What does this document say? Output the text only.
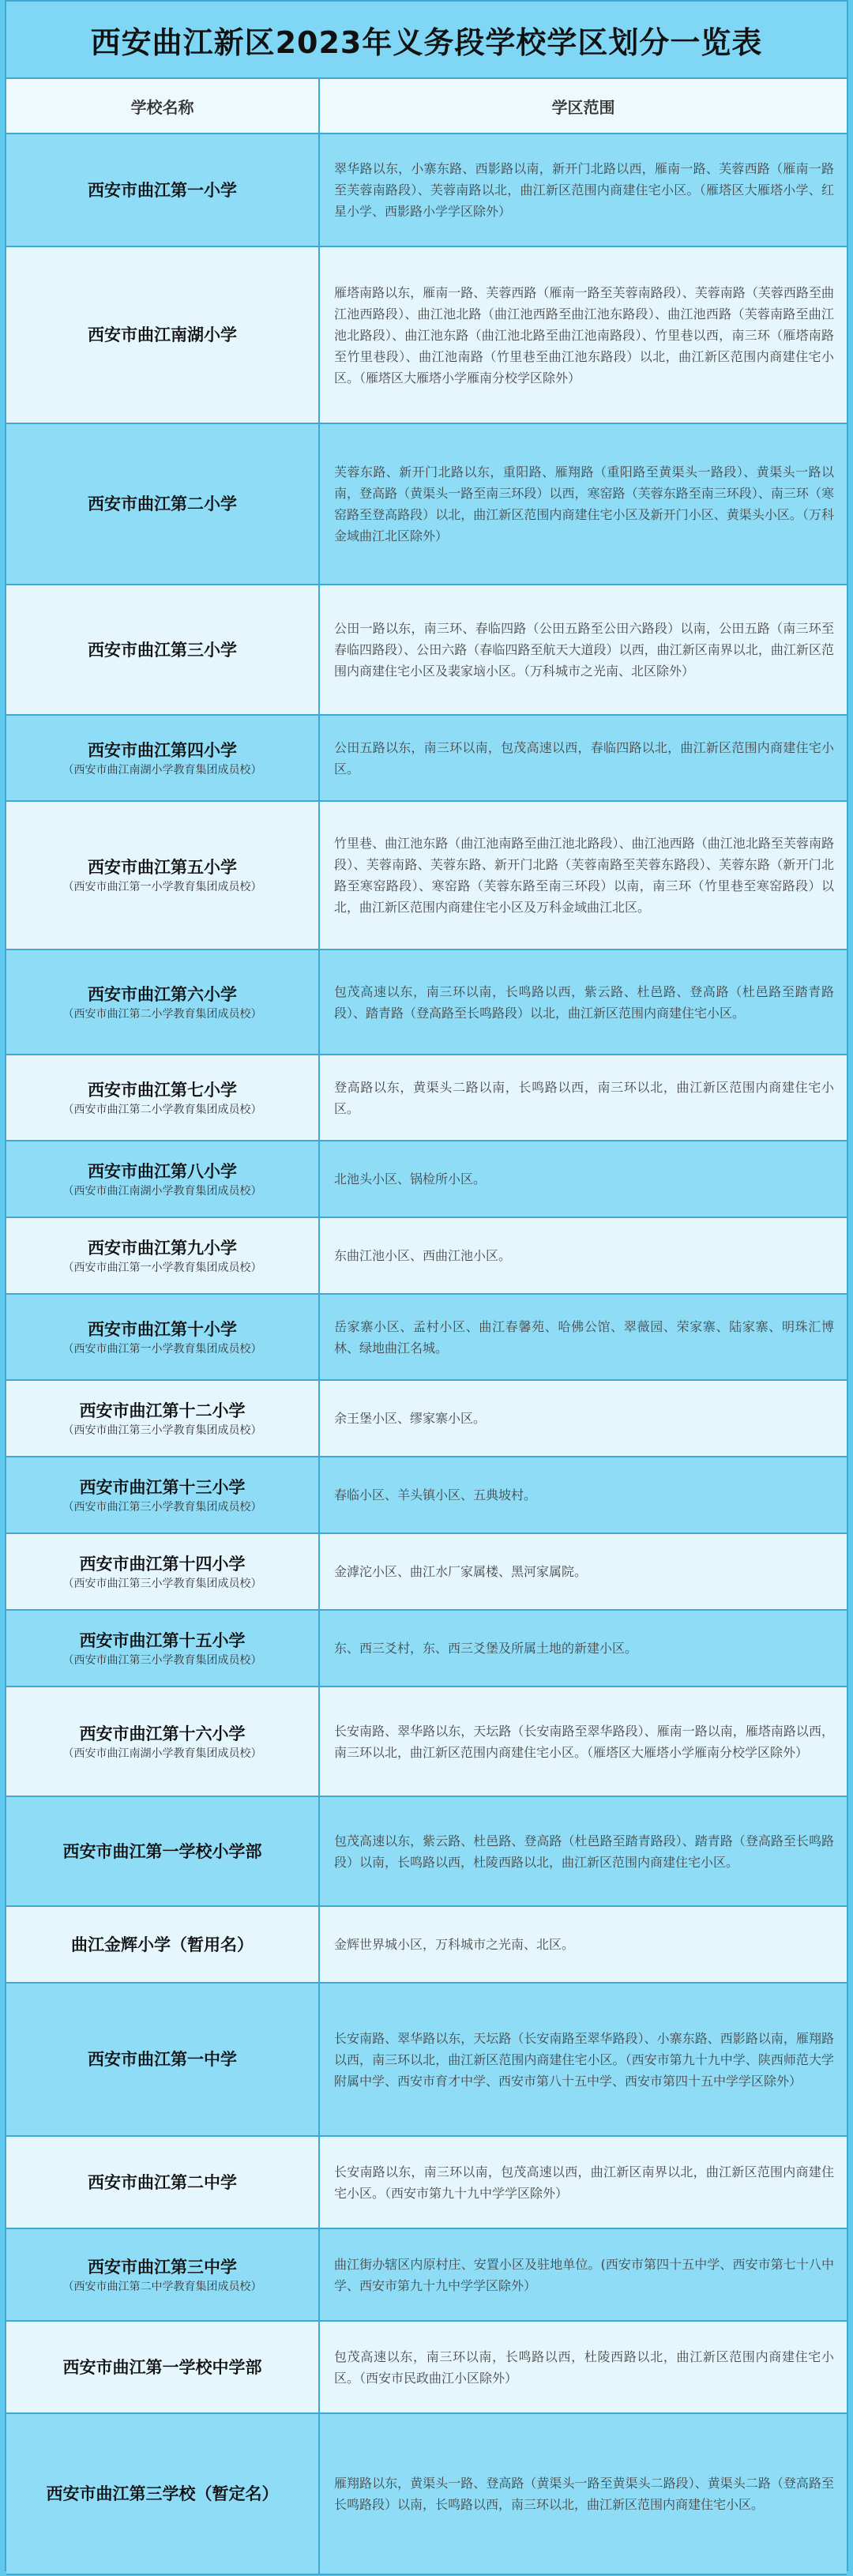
西安曲江新区2023年义务段学校学区划分一览表
学校名称	学区范围

西安市曲江第一小学	翠华路以东，小寨东路、西影路以南，新开门北路以西，雁南一路、芙蓉西路（雁南一路至芙蓉南路段）、芙蓉南路以北，曲江新区范围内商建住宅小区。（雁塔区大雁塔小学、红星小学、西影路小学学区除外）

西安市曲江南湖小学	雁塔南路以东，雁南一路、芙蓉西路（雁南一路至芙蓉南路段）、芙蓉南路（芙蓉西路至曲江池西路段）、曲江池北路（曲江池西路至曲江池东路段）、曲江池西路（芙蓉南路至曲江池北路段）、曲江池东路（曲江池北路至曲江池南路段）、竹里巷以西，南三环（雁塔南路至竹里巷段）、曲江池南路（竹里巷至曲江池东路段）以北，曲江新区范围内商建住宅小区。（雁塔区大雁塔小学雁南分校学区除外）

西安市曲江第二小学	芙蓉东路、新开门北路以东，重阳路、雁翔路（重阳路至黄渠头一路段）、黄渠头一路以南，登高路（黄渠头一路至南三环段）以西，寒窑路（芙蓉东路至南三环段）、南三环（寒窑路至登高路段）以北，曲江新区范围内商建住宅小区及新开门小区、黄渠头小区。（万科金域曲江北区除外）

西安市曲江第三小学	公田一路以东，南三环、春临四路（公田五路至公田六路段）以南，公田五路（南三环至春临四路段）、公田六路（春临四路至航天大道段）以西，曲江新区南界以北，曲江新区范围内商建住宅小区及裴家垴小区。（万科城市之光南、北区除外）

西安市曲江第四小学
（西安市曲江南湖小学教育集团成员校）	公田五路以东，南三环以南，包茂高速以西，春临四路以北，曲江新区范围内商建住宅小区。

西安市曲江第五小学
（西安市曲江第一小学教育集团成员校）	竹里巷、曲江池东路（曲江池南路至曲江池北路段）、曲江池西路（曲江池北路至芙蓉南路段）、芙蓉南路、芙蓉东路、新开门北路（芙蓉南路至芙蓉东路段）、芙蓉东路（新开门北路至寒窑路段）、寒窑路（芙蓉东路至南三环段）以南，南三环（竹里巷至寒窑路段）以北，曲江新区范围内商建住宅小区及万科金域曲江北区。

西安市曲江第六小学
（西安市曲江第二小学教育集团成员校）	包茂高速以东，南三环以南，长鸣路以西，紫云路、杜邑路、登高路（杜邑路至踏青路段）、踏青路（登高路至长鸣路段）以北，曲江新区范围内商建住宅小区。

西安市曲江第七小学
（西安市曲江第二小学教育集团成员校）	登高路以东，黄渠头二路以南，长鸣路以西，南三环以北，曲江新区范围内商建住宅小区。

西安市曲江第八小学
（西安市曲江南湖小学教育集团成员校）	北池头小区、锅检所小区。

西安市曲江第九小学
（西安市曲江第一小学教育集团成员校）	东曲江池小区、西曲江池小区。

西安市曲江第十小学
（西安市曲江第一小学教育集团成员校）	岳家寨小区、孟村小区、曲江春馨苑、哈佛公馆、翠薇园、荣家寨、陆家寨、明珠汇博林、绿地曲江名城。

西安市曲江第十二小学
（西安市曲江第三小学教育集团成员校）	余王堡小区、缪家寨小区。

西安市曲江第十三小学
（西安市曲江第三小学教育集团成员校）	春临小区、羊头镇小区、五典坡村。

西安市曲江第十四小学
（西安市曲江第三小学教育集团成员校）	金滹沱小区、曲江水厂家属楼、黑河家属院。

西安市曲江第十五小学
（西安市曲江第三小学教育集团成员校）	东、西三爻村，东、西三爻堡及所属土地的新建小区。

西安市曲江第十六小学
（西安市曲江南湖小学教育集团成员校）	长安南路、翠华路以东，天坛路（长安南路至翠华路段）、雁南一路以南，雁塔南路以西，南三环以北，曲江新区范围内商建住宅小区。（雁塔区大雁塔小学雁南分校学区除外）

西安市曲江第一学校小学部	包茂高速以东，紫云路、杜邑路、登高路（杜邑路至踏青路段）、踏青路（登高路至长鸣路段）以南，长鸣路以西，杜陵西路以北，曲江新区范围内商建住宅小区。

曲江金辉小学（暂用名）	金辉世界城小区，万科城市之光南、北区。

西安市曲江第一中学	长安南路、翠华路以东，天坛路（长安南路至翠华路段）、小寨东路、西影路以南，雁翔路以西，南三环以北，曲江新区范围内商建住宅小区。（西安市第九十九中学、陕西师范大学附属中学、西安市育才中学、西安市第八十五中学、西安市第四十五中学学区除外）

西安市曲江第二中学	长安南路以东，南三环以南，包茂高速以西，曲江新区南界以北，曲江新区范围内商建住宅小区。（西安市第九十九中学学区除外）

西安市曲江第三中学
（西安市曲江第二中学教育集团成员校）	曲江街办辖区内原村庄、安置小区及驻地单位。(西安市第四十五中学、西安市第七十八中学、西安市第九十九中学学区除外）

西安市曲江第一学校中学部	包茂高速以东，南三环以南，长鸣路以西，杜陵西路以北，曲江新区范围内商建住宅小区。（西安市民政曲江小区除外）

西安市曲江第三学校（暂定名）	雁翔路以东，黄渠头一路、登高路（黄渠头一路至黄渠头二路段）、黄渠头二路（登高路至长鸣路段）以南，长鸣路以西，南三环以北，曲江新区范围内商建住宅小区。
